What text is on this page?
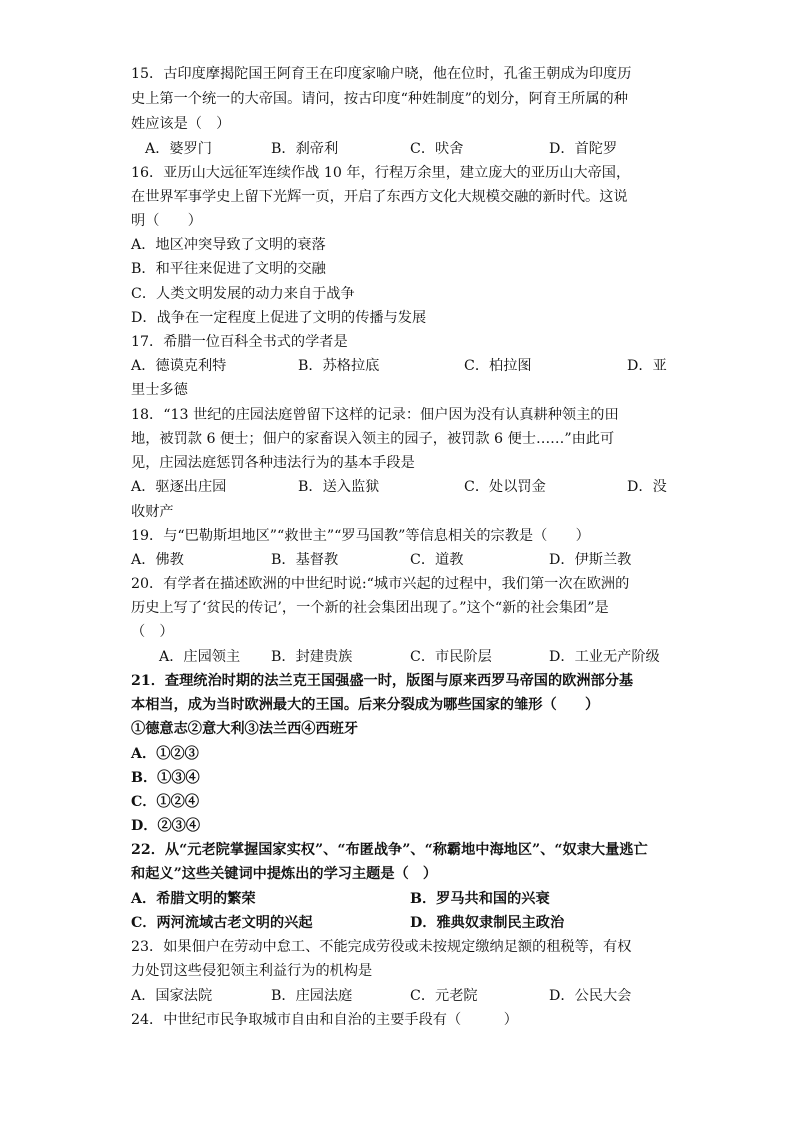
15．古印度摩揭陀国王阿育王在印度家喻户晓，他在位时，孔雀王朝成为印度历
史上第一个统一的大帝国。请问，按古印度“种姓制度”的划分，阿育王所属的种
姓应该是（　）
A．婆罗门	B．刹帝利	C．吠舍	D．首陀罗
16．亚历山大远征军连续作战 10 年，行程万余里，建立庞大的亚历山大帝国，
在世界军事学史上留下光辉一页，开启了东西方文化大规模交融的新时代。这说
明（　　）
A．地区冲突导致了文明的衰落
B．和平往来促进了文明的交融
C．人类文明发展的动力来自于战争
D．战争在一定程度上促进了文明的传播与发展
17．希腊一位百科全书式的学者是
A．德谟克利特	B．苏格拉底	C．柏拉图	D．亚
里士多德
18．“13 世纪的庄园法庭曾留下这样的记录：佃户因为没有认真耕种领主的田
地，被罚款 6 便士；佃户的家畜误入领主的园子，被罚款 6 便士……”由此可
见，庄园法庭惩罚各种违法行为的基本手段是
A．驱逐出庄园	B．送入监狱	C．处以罚金	D．没
收财产
19．与“巴勒斯坦地区”“救世主”“罗马国教”等信息相关的宗教是（　　）
A．佛教	B．基督教	C．道教	D．伊斯兰教
20．有学者在描述欧洲的中世纪时说:“城市兴起的过程中，我们第一次在欧洲的
历史上写了‘贫民的传记’，一个新的社会集团出现了。”这个“新的社会集团”是
（　）
A．庄园领主 B．封建贵族	C．市民阶层	D．工业无产阶级
21．查理统治时期的法兰克王国强盛一时，版图与原来西罗马帝国的欧洲部分基
本相当，成为当时欧洲最大的王国。后来分裂成为哪些国家的雏形（　　）
①德意志②意大利③法兰西④西班牙
A．①②③
B．①③④
C．①②④
D．②③④
22．从“元老院掌握国家实权”、“布匿战争”、“称霸地中海地区”、“奴隶大量逃亡
和起义”这些关键词中提炼出的学习主题是（　）
A．希腊文明的繁荣	B．罗马共和国的兴衰
C．两河流域古老文明的兴起	D．雅典奴隶制民主政治
23．如果佃户在劳动中怠工、不能完成劳役或未按规定缴纳足额的租税等，有权
力处罚这些侵犯领主利益行为的机构是
A．国家法院	B．庄园法庭	C．元老院	D．公民大会
24．中世纪市民争取城市自由和自治的主要手段有（　　　）
